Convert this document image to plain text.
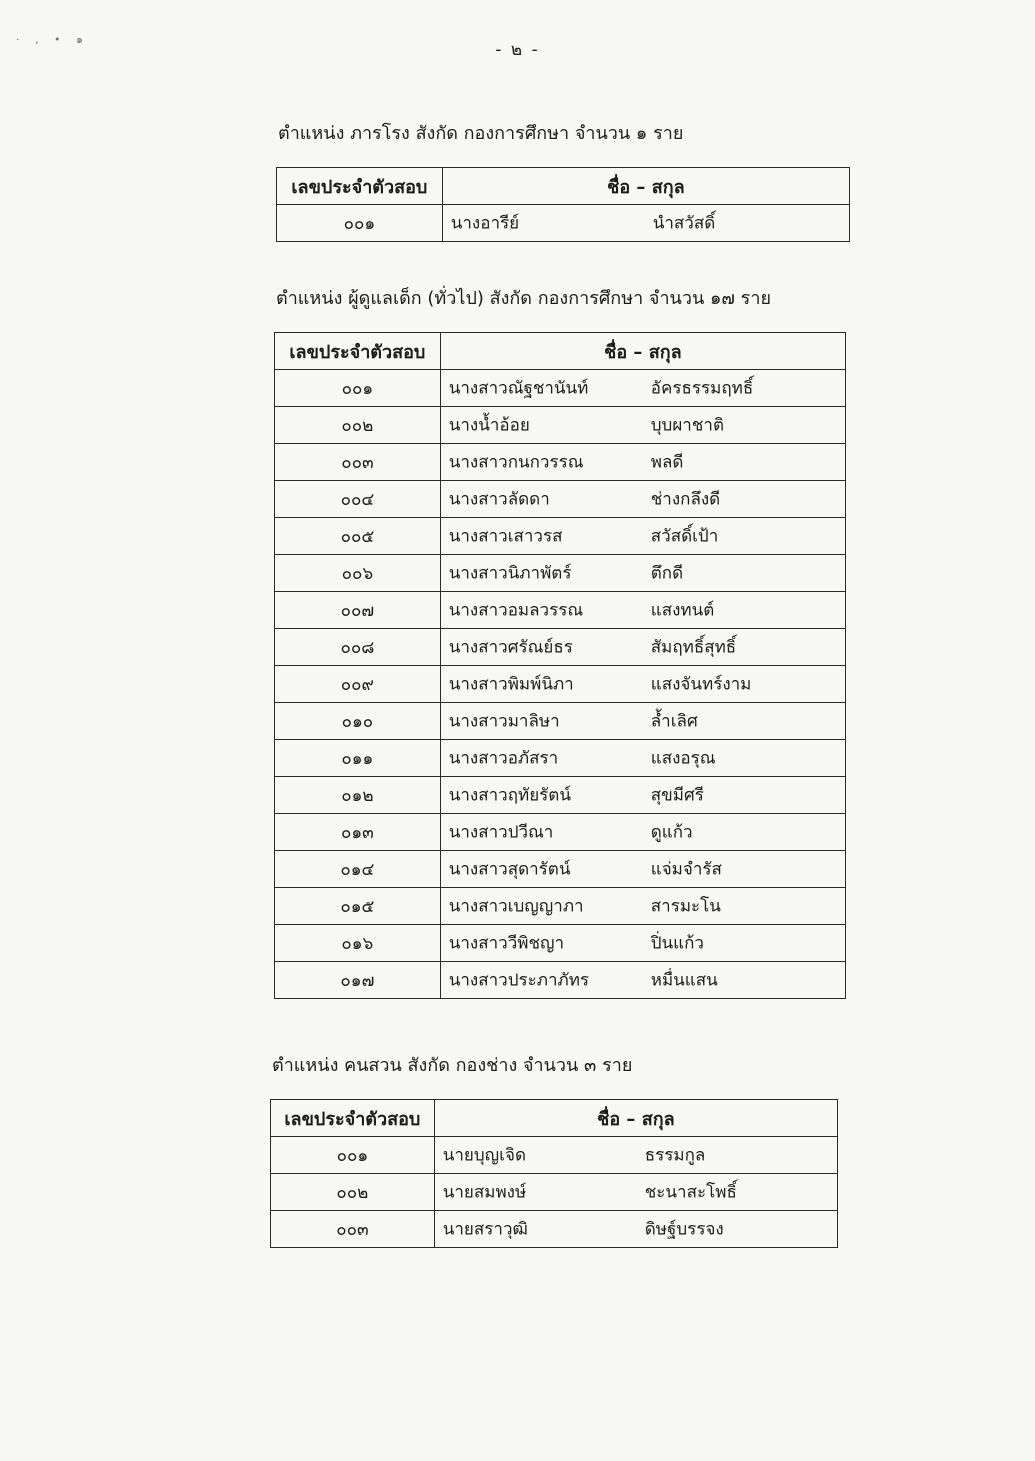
‧ ‚ • ๑
- ๒ -

ตำแหน่ง ภารโรง สังกัด กองการศึกษา จำนวน ๑ ราย

เลขประจำตัวสอบ	ชื่อ – สกุล
๐๐๑	นางอารีย์ นำสวัสดิ์

ตำแหน่ง ผู้ดูแลเด็ก (ทั่วไป) สังกัด กองการศึกษา จำนวน ๑๗ ราย

เลขประจำตัวสอบ	ชื่อ – สกุล
๐๐๑	นางสาวณัฐชานันท์ อัครธรรมฤทธิ์

๐๐๒	นางน้ำอ้อย บุบผาชาติ

๐๐๓	นางสาวกนกวรรณ พลดี

๐๐๔	นางสาวลัดดา ช่างกลึงดี

๐๐๕	นางสาวเสาวรส สวัสดิ์เป้า

๐๐๖	นางสาวนิภาพัตร์ ตึกดี

๐๐๗	นางสาวอมลวรรณ แสงทนต์

๐๐๘	นางสาวศรัณย์ธร สัมฤทธิ์สุทธิ์

๐๐๙	นางสาวพิมพ์นิภา แสงจันทร์งาม

๐๑๐	นางสาวมาลิษา ล้ำเลิศ

๐๑๑	นางสาวอภัสรา แสงอรุณ

๐๑๒	นางสาวฤทัยรัตน์ สุขมีศรี

๐๑๓	นางสาวปวีณา ดูแก้ว

๐๑๔	นางสาวสุดารัตน์ แจ่มจำรัส

๐๑๕	นางสาวเบญญาภา สารมะโน

๐๑๖	นางสาววีพิชญา ปิ่นแก้ว

๐๑๗	นางสาวประภาภัทร หมื่นแสน

ตำแหน่ง คนสวน สังกัด กองช่าง จำนวน ๓ ราย

เลขประจำตัวสอบ	ชื่อ – สกุล
๐๐๑	นายบุญเจิด ธรรมกูล

๐๐๒	นายสมพงษ์ ชะนาสะโพธิ์

๐๐๓	นายสราวุฒิ ดิษฐ์บรรจง
